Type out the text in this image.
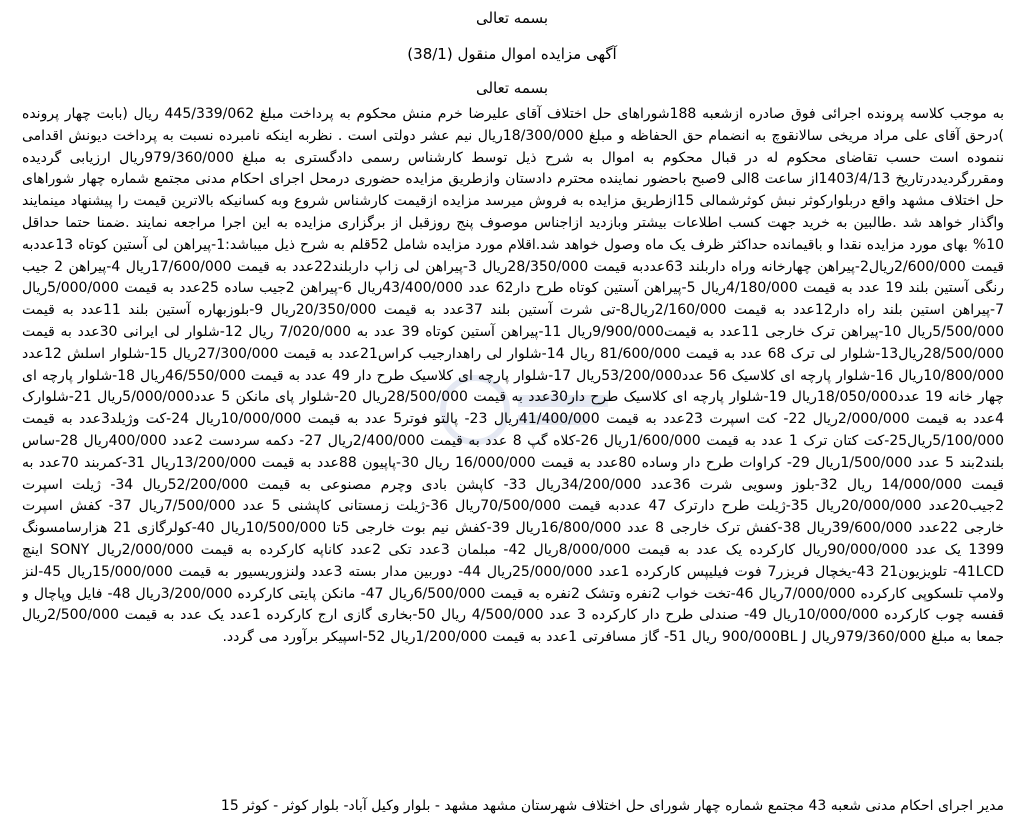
بسمه تعالی
آگهی مزایده اموال منقول (38/1)
بسمه تعالی

به موجب کلاسه پرونده اجرائی فوق صادره ازشعبه 188شوراهای حل اختلاف آقای علیرضا خرم منش محکوم به پرداخت مبلغ 445/339/062 ریال (بابت چهار پرونده )درحق آقای علی مراد مریخی سالانقوچ به انضمام حق الحفاظه و مبلغ 18/300/000ریال نیم عشر دولتی است . نظربه اینکه نامبرده نسبت به پرداخت دیونش اقدامی ننموده است حسب تقاضای محکوم له در قبال محکوم به اموال به شرح ذیل توسط کارشناس رسمی دادگستری به مبلغ 979/360/000ریال ارزیابی گردیده ومقررگردیددرتاریخ 1403/4/13از ساعت 8الی 9صبح باحضور نماینده محترم دادستان وازطریق مزایده حضوری درمحل اجرای احکام مدنی مجتمع شماره چهار شوراهای حل اختلاف مشهد واقع دربلوارکوثر نبش کوثرشمالی 15ازطریق مزایده به فروش میرسد مزایده ازقیمت کارشناس شروع وبه کسانیکه بالاترین قیمت را پیشنهاد مینمایند واگذار خواهد شد .طالبین به خرید جهت کسب اطلاعات بیشتر وبازدید ازاجناس موصوف پنج روزقبل از برگزاری مزایده به این اجرا مراجعه نمایند .ضمنا حتما حداقل 10% بهای مورد مزایده نقدا و باقیمانده حداکثر ظرف یک ماه وصول خواهد شد.اقلام مورد مزایده شامل 52قلم به شرح ذیل میباشد:1-پیراهن لی آستین کوتاه 13عددبه قیمت 2/600/000ریال2-پیراهن چهارخانه وراه داربلند 63عددبه قیمت 28/350/000ریال 3-پیراهن لی زاپ داربلند22عدد به قیمت 17/600/000ریال 4-پیراهن 2 جیب رنگی آستین بلند 19 عدد به قیمت 4/180/000ریال 5-پیراهن آستین کوتاه طرح دار62 عدد 43/400/000ریال 6-پیراهن 2جیب ساده 25عدد به قیمت 5/000/000ریال 7-پیراهن استین بلند راه دار12عدد به قیمت 2/160/000ریال8-تی شرت آستین بلند 37عدد به قیمت 20/350/000ریال 9-بلوزبهاره آستین بلند 11عدد به قیمت 5/500/000ریال 10-پیراهن ترک خارجی 11عدد به قیمت9/900/000ریال 11-پیراهن آستین کوتاه 39 عدد به 7/020/000 ریال 12-شلوار لی ایرانی 30عدد به قیمت 28/500/000ریال13-شلوار لی ترک 68 عدد به قیمت 81/600/000 ریال 14-شلوار لی راهدارجیب کراس21عدد به قیمت 27/300/000ریال 15-شلوار اسلش 12عدد 10/800/000ریال 16-شلوار پارچه ای کلاسیک 56 عدد53/200/000ریال 17-شلوار پارچه ای کلاسیک طرح دار 49 عدد به قیمت 46/550/000ریال 18-شلوار پارچه ای چهار خانه 19 عدد18/050/000ریال 19-شلوار پارچه ای کلاسیک طرح دار30عدد به قیمت 28/500/000ریال 20-شلوار پای مانکن 5 عدد5/000/000ریال 21-شلوارک 4عدد به قیمت 2/000/000ریال 22- کت اسپرت 23عدد به قیمت 41/400/000ریال 23- پالتو فوتر5 عدد به قیمت 10/000/000ریال 24-کت وژیلد3عدد به قیمت 5/100/000ریال25-کت کتان ترک 1 عدد به قیمت 1/600/000ریال 26-کلاه گپ 8 عدد به قیمت 2/400/000ریال 27- دکمه سردست 2عدد 400/000ریال 28-ساس بلند2بند 5 عدد 1/500/000ریال 29- کراوات طرح دار وساده 80عدد به قیمت 16/000/000 ریال 30-پاپیون 88عدد به قیمت 13/200/000ریال 31-کمربند 70عدد به قیمت 14/000/000 ریال 32-بلوز وسویی شرت 36عدد 34/200/000ریال 33- کاپشن بادی وچرم مصنوعی به قیمت 52/200/000ریال 34- ژیلت اسپرت 2جیب20عدد 20/000/000ریال 35-ژیلت طرح دارترک 47 عددبه قیمت 70/500/000ریال 36-ژیلت زمستانی کاپشنی 5 عدد 7/500/000ریال 37- کفش اسپرت خارجی 22عدد 39/600/000ریال 38-کفش ترک خارجی 8 عدد 16/800/000ریال 39-کفش نیم بوت خارجی 5تا 10/500/000ریال 40-کولرگازی 21 هزارسامسونگ 1399 یک عدد 90/000/000ریال کارکرده یک عدد به قیمت 8/000/000ریال 42- مبلمان 3عدد تکی 2عدد کاناپه کارکرده به قیمت 2/000/000ریال SONY اینچ 41LCD- تلویزیون21 43-یخچال فریزر7 فوت فیلیپس کارکرده 1عدد 25/000/000ریال 44- دوربین مدار بسته 3عدد ولنزوریسیور به قیمت 15/000/000ریال 45-لنز ولامپ تلسکوپی کارکرده 7/000/000ریال 46-تخت خواب 2نفره وتشک 2نفره به قیمت 6/500/000ریال 47- مانکن پایتی کارکرده 3/200/000ریال 48- فایل وپاچال و قفسه چوب کارکرده 10/000/000ریال 49- صندلی طرح دار کارکرده 3 عدد 4/500/000 ریال 50-بخاری گازی ارج کارکرده 1عدد یک عدد به قیمت 2/500/000ریال جمعا به مبلغ 979/360/000ریال 900/000BL J ریال 51- گاز مسافرتی 1عدد به قیمت 1/200/000ریال 52-اسپیکر برآورد می گردد.

مدیر اجرای احکام مدنی شعبه 43 مجتمع شماره چهار شورای حل اختلاف شهرستان مشهد مشهد - بلوار وکیل آباد- بلوار کوثر - کوثر 15
